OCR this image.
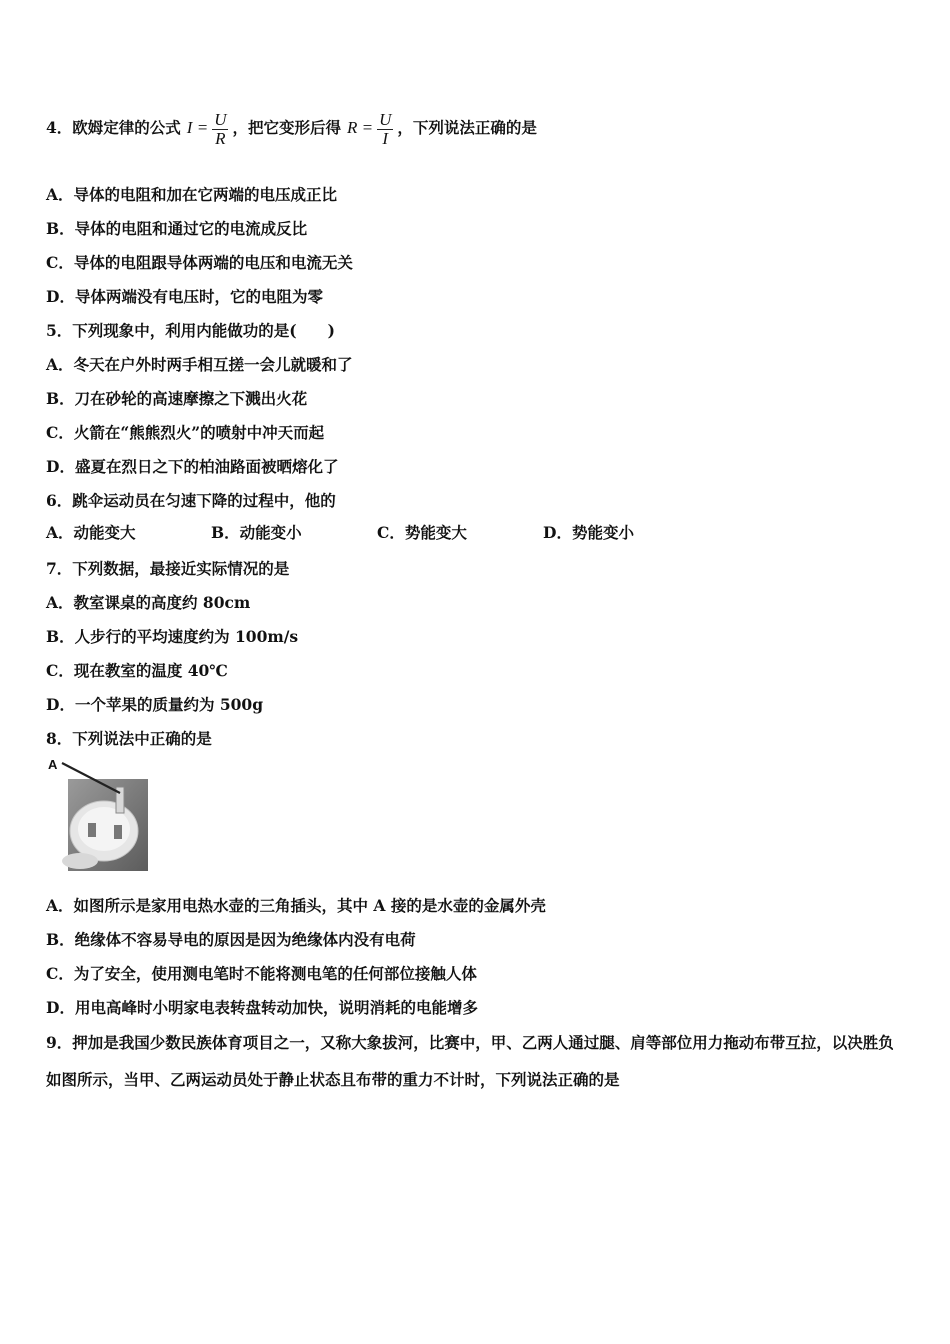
4．欧姆定律的公式 $I = \frac{U}{R}$ ，把它变形后得 $R = \frac{U}{I}$ ，下列说法正确的是
A．导体的电阻和加在它两端的电压成正比
B．导体的电阻和通过它的电流成反比
C．导体的电阻跟导体两端的电压和电流无关
D．导体两端没有电压时，它的电阻为零
5．下列现象中，利用内能做功的是(　　)
A．冬天在户外时两手相互搓一会儿就暖和了
B．刀在砂轮的高速摩擦之下溅出火花
C．火箭在“熊熊烈火”的喷射中冲天而起
D．盛夏在烈日之下的柏油路面被晒熔化了
6．跳伞运动员在匀速下降的过程中，他的
A．动能变大	B．动能变小	C．势能变大	D．势能变小
7．下列数据，最接近实际情况的是
A．教室课桌的高度约 80cm
B．人步行的平均速度约为 100m/s
C．现在教室的温度 40℃
D．一个苹果的质量约为 500g
8．下列说法中正确的是
A
A．如图所示是家用电热水壶的三角插头，其中 A 接的是水壶的金属外壳
B．绝缘体不容易导电的原因是因为绝缘体内没有电荷
C．为了安全，使用测电笔时不能将测电笔的任何部位接触人体
D．用电高峰时小明家电表转盘转动加快，说明消耗的电能增多
9．押加是我国少数民族体育项目之一，又称大象拔河，比赛中，甲、乙两人通过腿、肩等部位用力拖动布带互拉，以决胜负如图所示，当甲、乙两运动员处于静止状态且布带的重力不计时，下列说法正确的是
